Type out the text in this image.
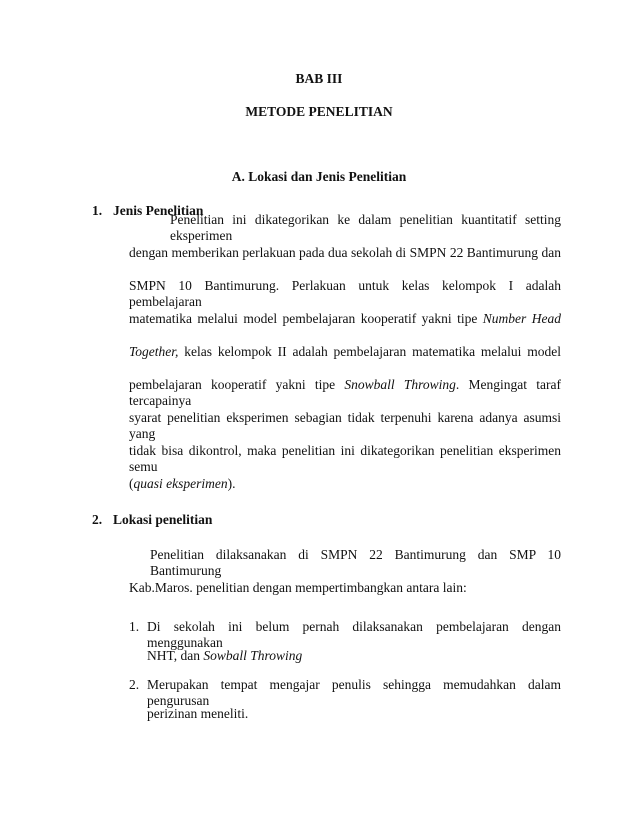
BAB III
METODE PENELITIAN
A. Lokasi dan Jenis Penelitian
1. Jenis Penelitian
Penelitian ini dikategorikan ke dalam penelitian kuantitatif setting eksperimen
dengan memberikan perlakuan pada dua sekolah di SMPN 22 Bantimurung dan
SMPN 10 Bantimurung. Perlakuan untuk kelas kelompok I adalah pembelajaran
matematika melalui model pembelajaran kooperatif yakni tipe Number Head
Together, kelas kelompok II adalah pembelajaran matematika melalui model
pembelajaran kooperatif yakni tipe Snowball Throwing. Mengingat taraf tercapainya
syarat penelitian eksperimen sebagian tidak terpenuhi karena adanya asumsi yang
tidak bisa dikontrol, maka penelitian ini dikategorikan penelitian eksperimen semu
(quasi eksperimen).
2. Lokasi penelitian
Penelitian dilaksanakan di SMPN 22 Bantimurung dan SMP 10 Bantimurung
Kab.Maros. penelitian dengan mempertimbangkan antara lain:
1. Di sekolah ini belum pernah dilaksanakan pembelajaran dengan menggunakan
NHT, dan Sowball Throwing
2. Merupakan tempat mengajar penulis sehingga memudahkan dalam pengurusan
perizinan meneliti.
